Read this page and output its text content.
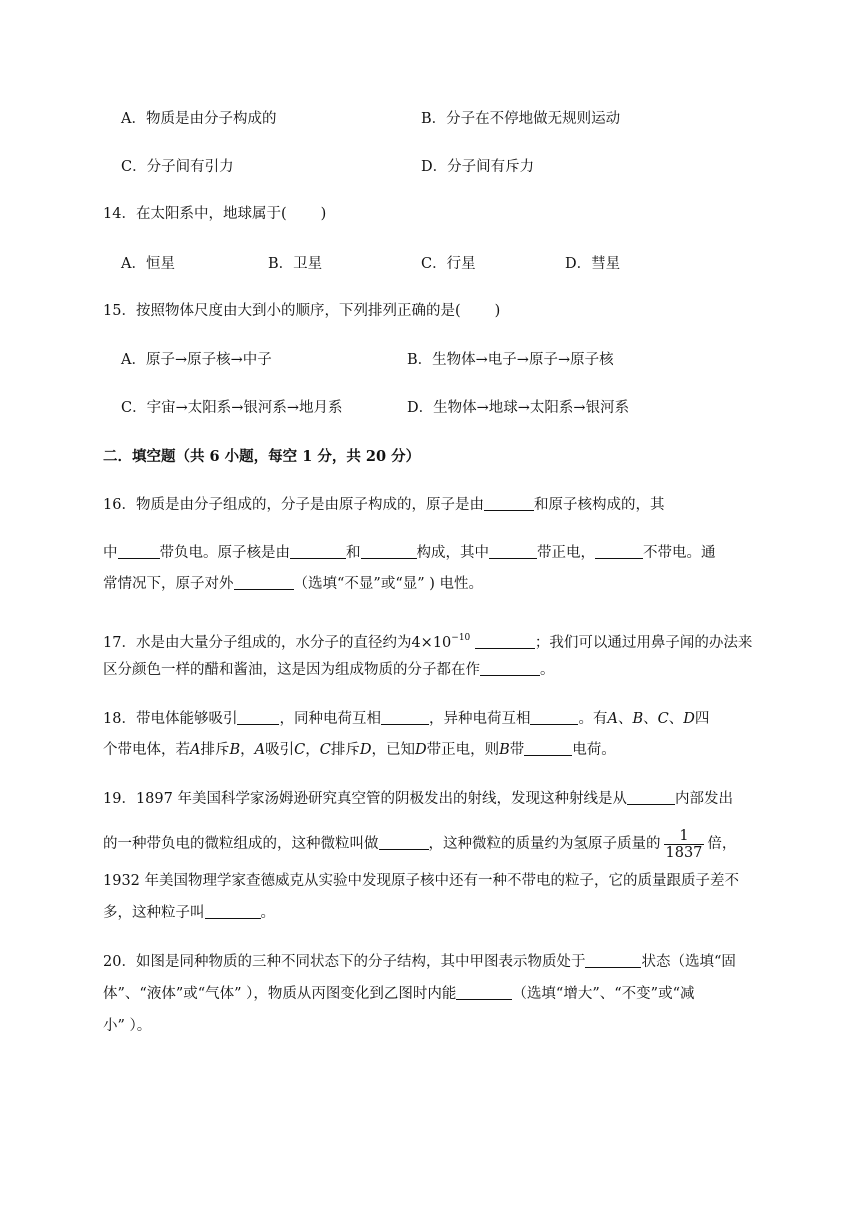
A．物质是由分子构成的	B．分子在不停地做无规则运动
C．分子间有引力	D．分子间有斥力
14．在太阳系中，地球属于( )
A．恒星	B．卫星	C．行星	D．彗星
15．按照物体尺度由大到小的顺序，下列排列正确的是( )
A．原子→原子核→中子	B．生物体→电子→原子→原子核
C．宇宙→太阳系→银河系→地月系	D．生物体→地球→太阳系→银河系
二．填空题（共 6 小题，每空 1 分，共 20 分）
16．物质是由分子组成的，分子是由原子构成的，原子是由	和原子核构成的，其
中	带负电。原子核是由	和	构成，其中	带正电，	不带电。通
常情况下，原子对外	（选填“不显”或“显” ) 电性。
17．水是由大量分子组成的，水分子的直径约为$4\times 10^{-10}$	；我们可以通过用鼻子闻的办法来
区分颜色一样的醋和酱油，这是因为组成物质的分子都在作	。
18．带电体能够吸引	，同种电荷互相	，异种电荷互相	。有A、B、C、D四
个带电体，若A排斥B，A吸引C，C排斥D，已知D带正电，则B带	电荷。
19．1897 年美国科学家汤姆逊研究真空管的阴极发出的射线，发现这种射线是从	内部发出
的一种带负电的微粒组成的，这种微粒叫做	，这种微粒的质量约为氢原子质量的 $\frac{1}{1837}$ 倍，
1932 年美国物理学家查德威克从实验中发现原子核中还有一种不带电的粒子，它的质量跟质子差不
多，这种粒子叫	。
20．如图是同种物质的三种不同状态下的分子结构，其中甲图表示物质处于	状态（选填“固
体”、“液体”或“气体” ），物质从丙图变化到乙图时内能	（选填“增大”、“不变”或“减
小” ）。
